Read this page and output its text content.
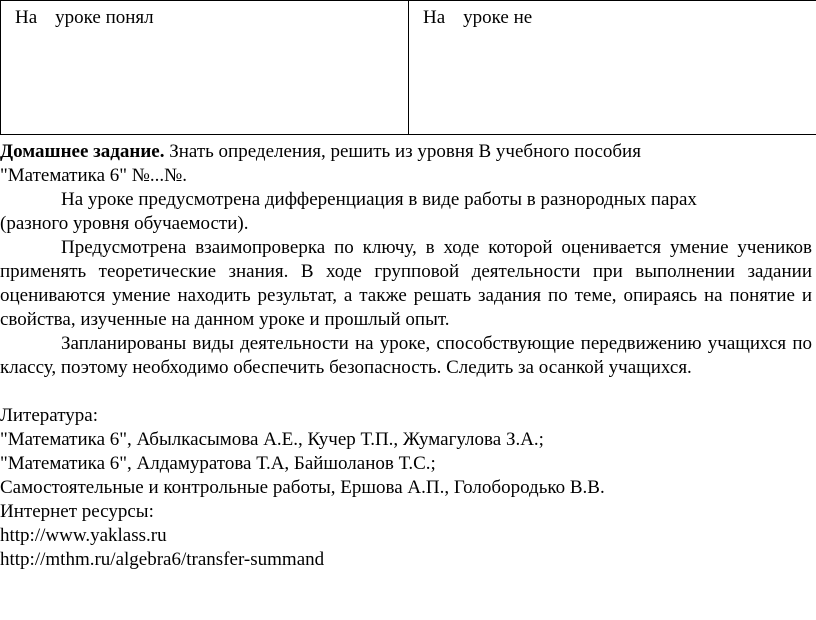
На уроке понял	На уроке не
Домашнее задание. Знать определения, решить из уровня В учебного пособия
"Математика 6" №...№.
На уроке предусмотрена дифференциация в виде работы в разнородных парах
(разного уровня обучаемости).

Предусмотрена взаимопроверка по ключу, в ходе которой оценивается умение учеников применять теоретические знания. В ходе групповой деятельности при выполнении задании оцениваются умение находить результат, а также решать задания по теме, опираясь на понятие и свойства, изученные на данном уроке и прошлый опыт.

Запланированы виды деятельности на уроке, способствующие передвижению учащихся по классу, поэтому необходимо обеспечить безопасность. Следить за осанкой учащихся.

Литература:
"Математика 6", Абылкасымова А.Е., Кучер Т.П., Жумагулова З.А.;
"Математика 6", Алдамуратова Т.А, Байшоланов Т.С.;
Самостоятельные и контрольные работы, Ершова А.П., Голобородько В.В.
Интернет ресурсы:
http://www.yaklass.ru
http://mthm.ru/algebra6/transfer-summand
